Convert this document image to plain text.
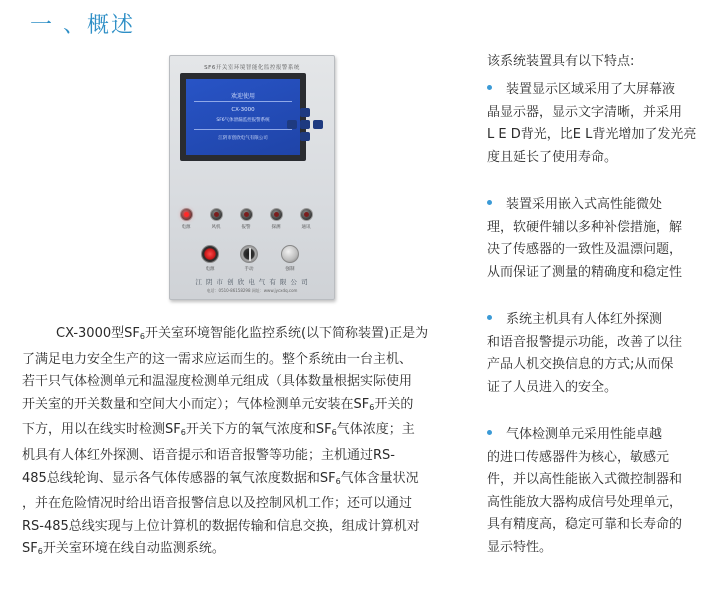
一 、概述
SF6开关室环境智能化监控报警系统
欢迎使用
CX-3000
SF6气体泄漏监控报警系统
江阴市创欣电气有限公司
电源	风机	报警	探测	通讯
电源	手动	强制
江 阴 市 创 欣 电 气 有 限 公 司
电话：0510-86158298 网址：www.jycxdq.com

CX-3000型$SF_6$开关室环境智能化监控系统(以下简称装置)正是为

了满足电力安全生产的这一需求应运而生的。整个系统由一台主机、

若干只气体检测单元和温湿度检测单元组成（具体数量根据实际使用

开关室的开关数量和空间大小而定）；气体检测单元安装在$SF_6$开关的

下方，用以在线实时检测$SF_6$开关下方的氧气浓度和$SF_6$气体浓度；主

机具有人体红外探测、语音提示和语音报警等功能；主机通过RS-

485总线轮询、显示各气体传感器的氧气浓度数据和$SF_6$气体含量状况

，并在危险情况时给出语音报警信息以及控制风机工作；还可以通过

RS-485总线实现与上位计算机的数据传输和信息交换，组成计算机对

$SF_6$开关室环境在线自动监测系统。

该系统装置具有以下特点:

装置显示区域采用了大屏幕液

晶显示器，显示文字清晰，并采用

L E D背光，比E L背光增加了发光亮

度且延长了使用寿命。

装置采用嵌入式高性能微处

理，软硬件辅以多种补偿措施，解

决了传感器的一致性及温漂问题，

从而保证了测量的精确度和稳定性

系统主机具有人体红外探测

和语音报警提示功能，改善了以往

产品人机交换信息的方式;从而保

证了人员进入的安全。

气体检测单元采用性能卓越

的进口传感器件为核心，敏感元

件，并以高性能嵌入式微控制器和

高性能放大器构成信号处理单元，

具有精度高，稳定可靠和长寿命的

显示特性。
